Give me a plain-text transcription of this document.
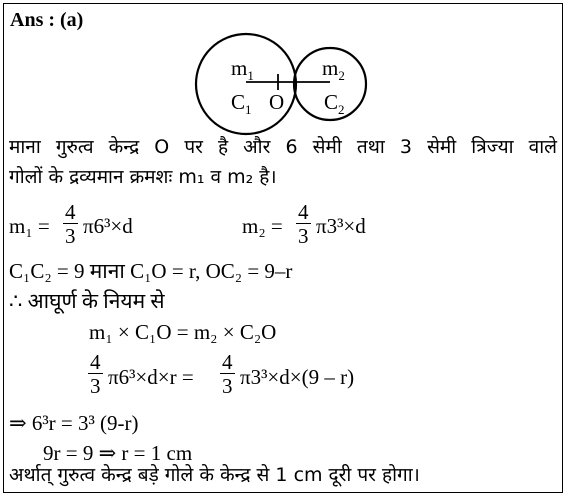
Ans : (a)
$m_1$	$m_2$
$C_1$ O $C_2$
माना गुरुत्व केन्द्र O पर है और 6 सेमी तथा 3 सेमी त्रिज्या वाले
गोलों के द्रव्यमान क्रमशः m₁ व m₂ है।
$m_1 = \frac{4}{3} \pi 6^3\times d$	$m_2 = \frac{4}{3} \pi 3^3\times d$
C₁C₂ = 9 माना C₁O = r, OC₂ = 9–r
∴ आघूर्ण के नियम से
m₁ × C₁O = m₂ × C₂O
$\frac{4}{3} \pi 6^3\times d\times r = \frac{4}{3} \pi 3^3\times d\times(9 - r)$
⇒ 6³r = 3³ (9-r)
9r = 9 ⇒ r = 1 cm
अर्थात् गुरुत्व केन्द्र बड़े गोले के केन्द्र से 1 cm दूरी पर होगा।
